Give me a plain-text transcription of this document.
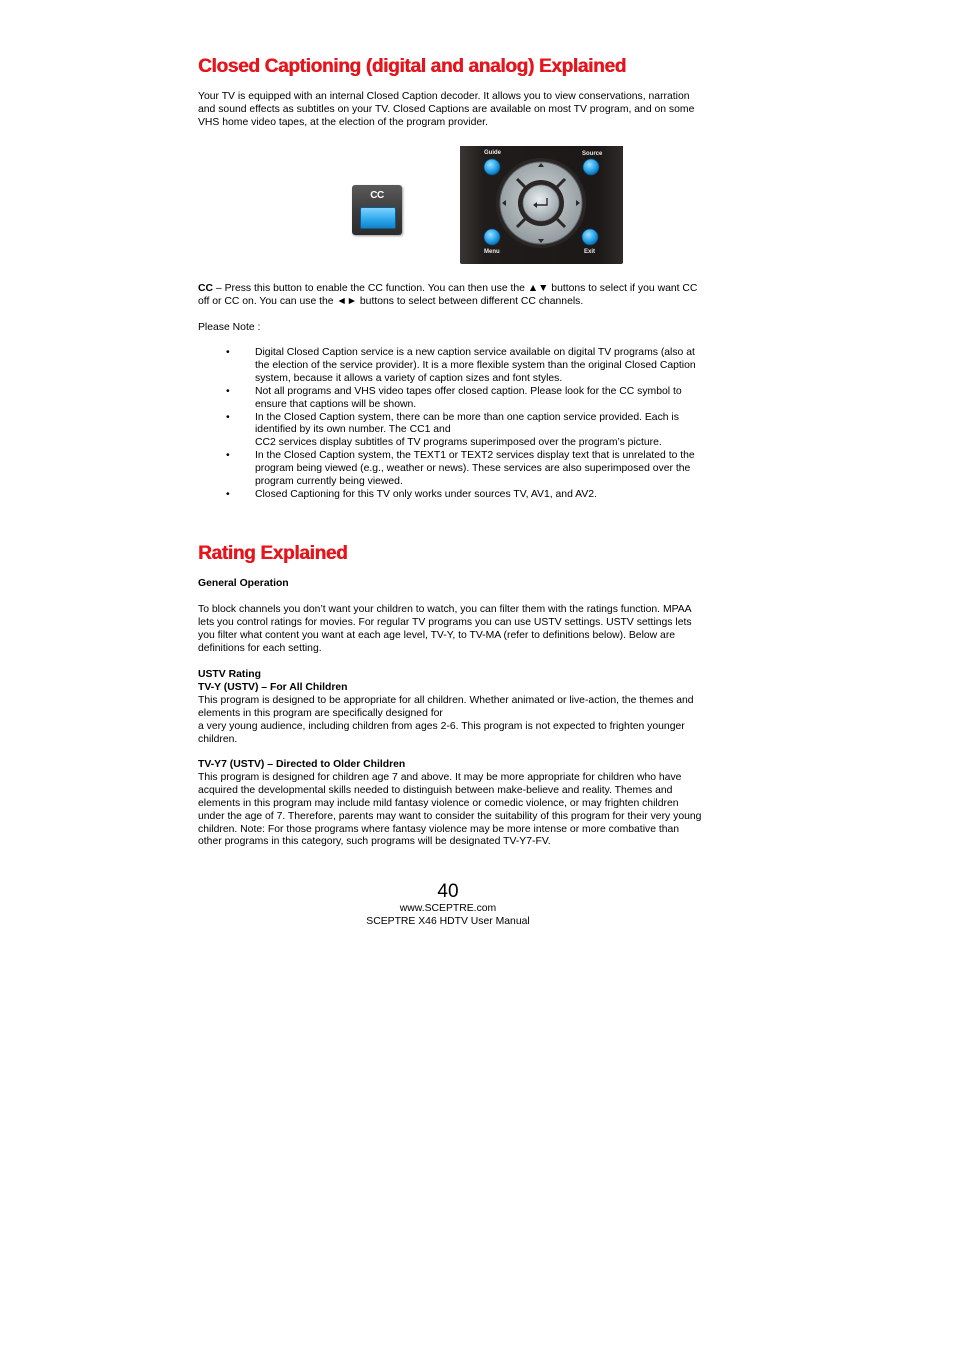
Closed Captioning (digital and analog) Explained

Your TV is equipped with an internal Closed Caption decoder. It allows you to view conservations, narration and sound effects as subtitles on your TV. Closed Captions are available on most TV program, and on some VHS home video tapes, at the election of the program provider.

CC
Guide	Source
Menu	Exit

CC – Press this button to enable the CC function. You can then use the ▲▼ buttons to select if you want CC off or CC on. You can use the ◄► buttons to select between different CC channels.

Please Note :

• Digital Closed Caption service is a new caption service available on digital TV programs (also at the election of the service provider). It is a more flexible system than the original Closed Caption system, because it allows a variety of caption sizes and font styles.
• Not all programs and VHS video tapes offer closed caption. Please look for the CC symbol to ensure that captions will be shown.
• In the Closed Caption system, there can be more than one caption service provided. Each is identified by its own number. The CC1 and
CC2 services display subtitles of TV programs superimposed over the program’s picture.
• In the Closed Caption system, the TEXT1 or TEXT2 services display text that is unrelated to the program being viewed (e.g., weather or news). These services are also superimposed over the program currently being viewed.
• Closed Captioning for this TV only works under sources TV, AV1, and AV2.
Rating Explained

General Operation

To block channels you don’t want your children to watch, you can filter them with the ratings function. MPAA lets you control ratings for movies. For regular TV programs you can use USTV settings. USTV settings lets you filter what content you want at each age level, TV-Y, to TV-MA (refer to definitions below). Below are definitions for each setting.

USTV Rating
TV-Y (USTV) – For All Children
This program is designed to be appropriate for all children. Whether animated or live-action, the themes and elements in this program are specifically designed for
a very young audience, including children from ages 2-6. This program is not expected to frighten younger children.

TV-Y7 (USTV) – Directed to Older Children
This program is designed for children age 7 and above. It may be more appropriate for children who have acquired the developmental skills needed to distinguish between make-believe and reality. Themes and elements in this program may include mild fantasy violence or comedic violence, or may frighten children under the age of 7. Therefore, parents may want to consider the suitability of this program for their very young children. Note: For those programs where fantasy violence may be more intense or more combative than other programs in this category, such programs will be designated TV-Y7-FV.

40
www.SCEPTRE.com
SCEPTRE X46 HDTV User Manual
